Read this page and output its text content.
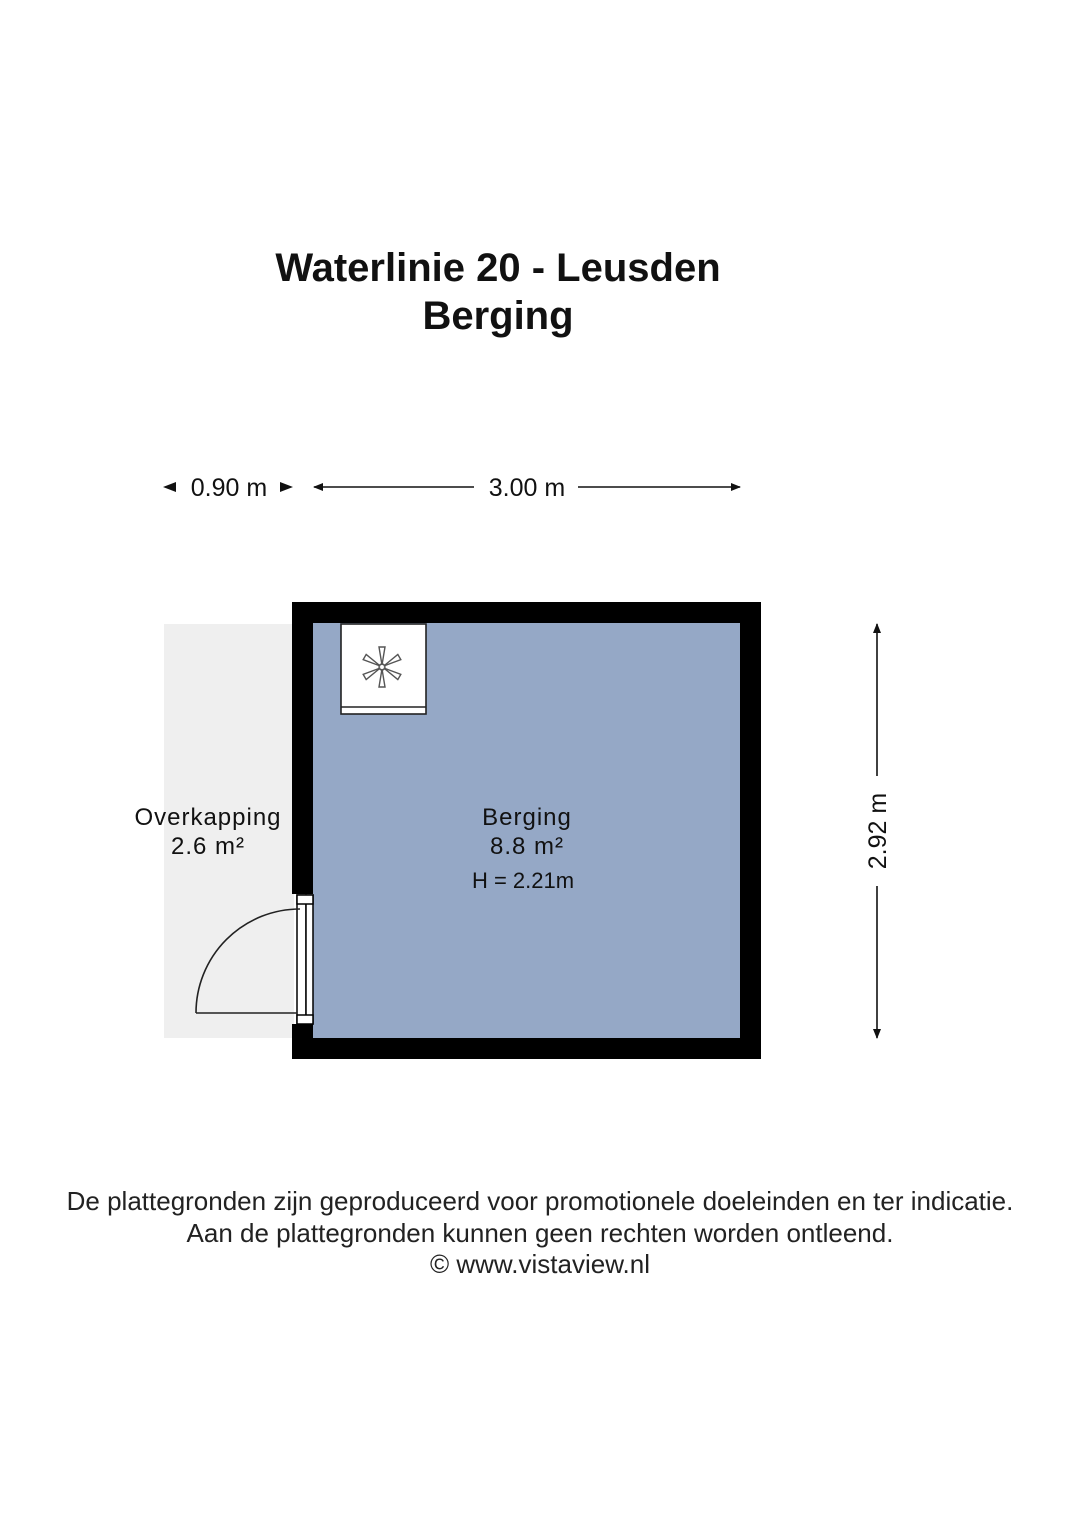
Waterlinie 20 - Leusden
Berging
0.90 m	3.00 m
2.92 m
Overkapping
2.6 m²
Berging
8.8 m²
H = 2.21m
De plattegronden zijn geproduceerd voor promotionele doeleinden en ter indicatie.
Aan de plattegronden kunnen geen rechten worden ontleend.
© www.vistaview.nl
